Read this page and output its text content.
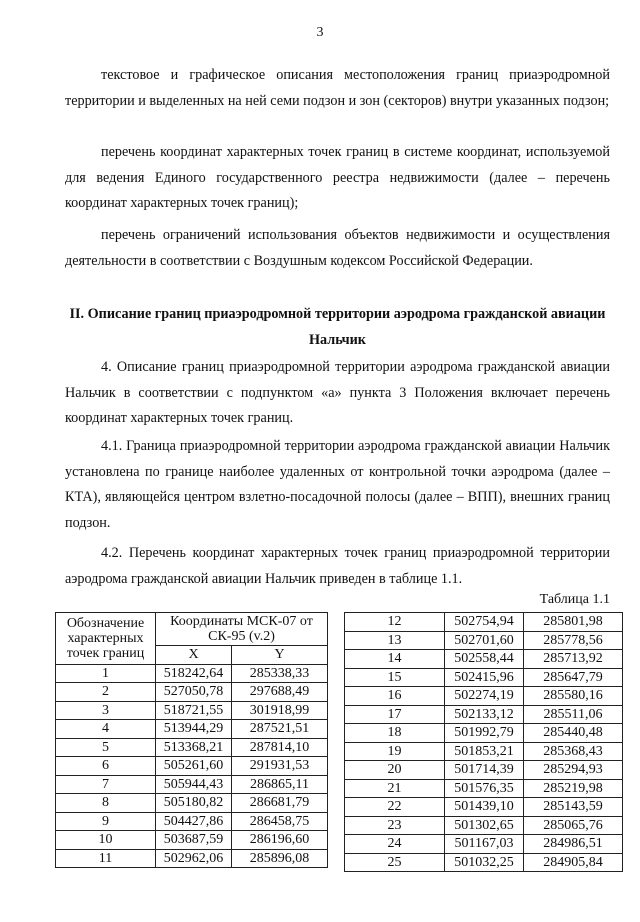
3

текстовое и графическое описания местоположения границ приаэродромной территории и выделенных на ней семи подзон и зон (секторов) внутри указанных подзон;

перечень координат характерных точек границ в системе координат, используемой для ведения Единого государственного реестра недвижимости (далее – перечень координат характерных точек границ);

перечень ограничений использования объектов недвижимости и осуществления деятельности в соответствии с Воздушным кодексом Российской Федерации.

II. Описание границ приаэродромной территории аэродрома гражданской авиации Нальчик

4. Описание границ приаэродромной территории аэродрома гражданской авиации Нальчик в соответствии с подпунктом «а» пункта 3 Положения включает перечень координат характерных точек границ.

4.1. Граница приаэродромной территории аэродрома гражданской авиации Нальчик установлена по границе наиболее удаленных от контрольной точки аэродрома (далее – КТА), являющейся центром взлетно-посадочной полосы (далее – ВПП), внешних границ подзон.

4.2. Перечень координат характерных точек границ приаэродромной территории аэродрома гражданской авиации Нальчик приведен в таблице 1.1.

Таблица 1.1
Обозначение характерных точек границ	Координаты МСК-07 от СК-95 (v.2)	
	X	Y
1	518242,64	285338,33
2	527050,78	297688,49
3	518721,55	301918,99
4	513944,29	287521,51
5	513368,21	287814,10
6	505261,60	291931,53
7	505944,43	286865,11
8	505180,82	286681,79
9	504427,86	286458,75
10	503687,59	286196,60
11	502962,06	285896,08
12	502754,94	285801,98
13	502701,60	285778,56
14	502558,44	285713,92
15	502415,96	285647,79
16	502274,19	285580,16
17	502133,12	285511,06
18	501992,79	285440,48
19	501853,21	285368,43
20	501714,39	285294,93
21	501576,35	285219,98
22	501439,10	285143,59
23	501302,65	285065,76
24	501167,03	284986,51
25	501032,25	284905,84
